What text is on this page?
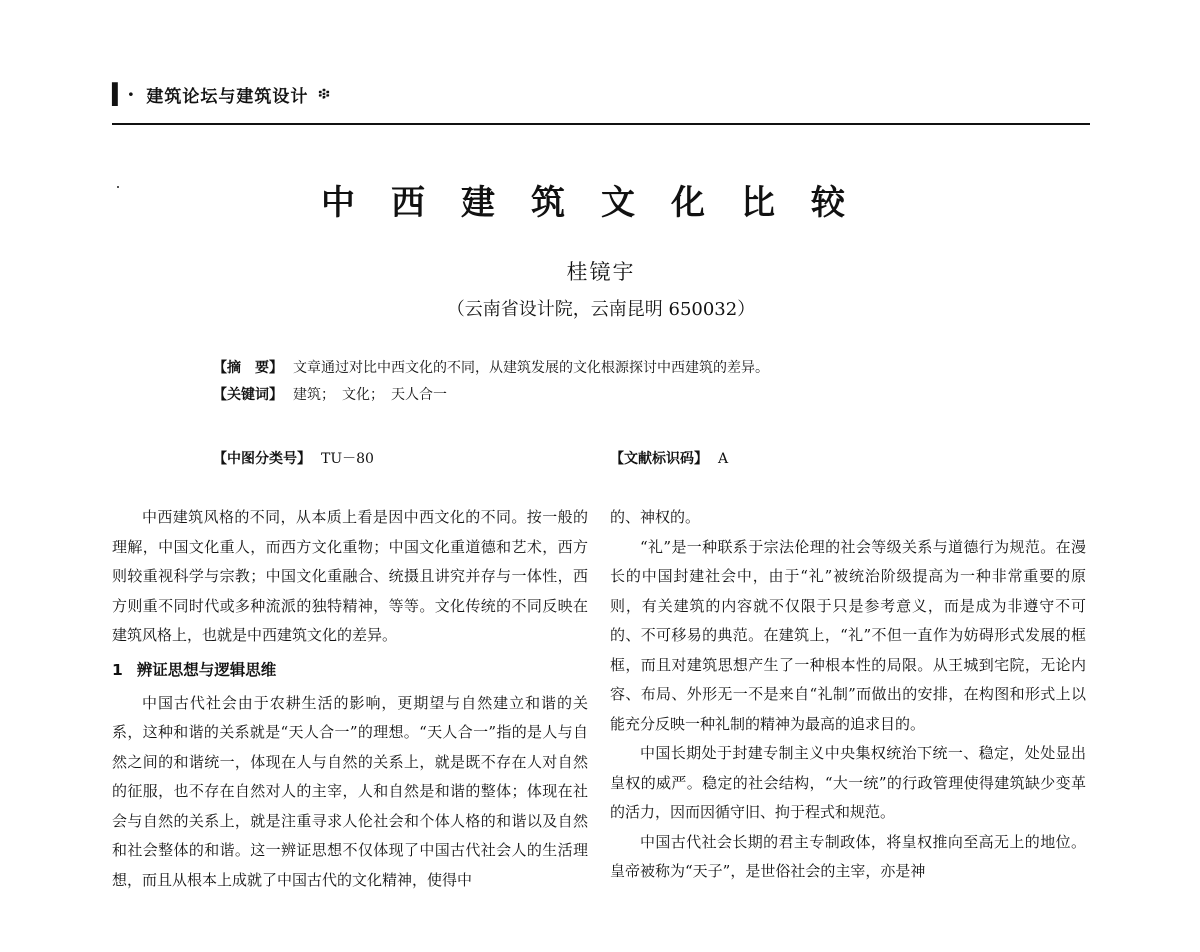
▍· 建筑论坛与建筑设计 ፨
中西建筑文化比较
桂镜宇
（云南省设计院，云南昆明 650032）
【摘　要】 文章通过对比中西文化的不同，从建筑发展的文化根源探讨中西建筑的差异。
【关键词】 建筑；　文化；　天人合一
【中图分类号】 TU－80	【文献标识码】 A

中西建筑风格的不同，从本质上看是因中西文化的不同。按一般的理解，中国文化重人，而西方文化重物；中国文化重道德和艺术，西方则较重视科学与宗教；中国文化重融合、统摄且讲究并存与一体性，西方则重不同时代或多种流派的独特精神，等等。文化传统的不同反映在建筑风格上，也就是中西建筑文化的差异。

1 辨证思想与逻辑思维

中国古代社会由于农耕生活的影响，更期望与自然建立和谐的关系，这种和谐的关系就是“天人合一”的理想。“天人合一”指的是人与自然之间的和谐统一，体现在人与自然的关系上，就是既不存在人对自然的征服，也不存在自然对人的主宰，人和自然是和谐的整体；体现在社会与自然的关系上，就是注重寻求人伦社会和个体人格的和谐以及自然和社会整体的和谐。这一辨证思想不仅体现了中国古代社会人的生活理想，而且从根本上成就了中国古代的文化精神，使得中

的、神权的。

“礼”是一种联系于宗法伦理的社会等级关系与道德行为规范。在漫长的中国封建社会中，由于“礼”被统治阶级提高为一种非常重要的原则，有关建筑的内容就不仅限于只是参考意义，而是成为非遵守不可的、不可移易的典范。在建筑上，“礼”不但一直作为妨碍形式发展的框框，而且对建筑思想产生了一种根本性的局限。从王城到宅院，无论内容、布局、外形无一不是来自“礼制”而做出的安排，在构图和形式上以能充分反映一种礼制的精神为最高的追求目的。

中国长期处于封建专制主义中央集权统治下统一、稳定，处处显出皇权的威严。稳定的社会结构，“大一统”的行政管理使得建筑缺少变革的活力，因而因循守旧、拘于程式和规范。

中国古代社会长期的君主专制政体，将皇权推向至高无上的地位。皇帝被称为“天子”，是世俗社会的主宰，亦是神
